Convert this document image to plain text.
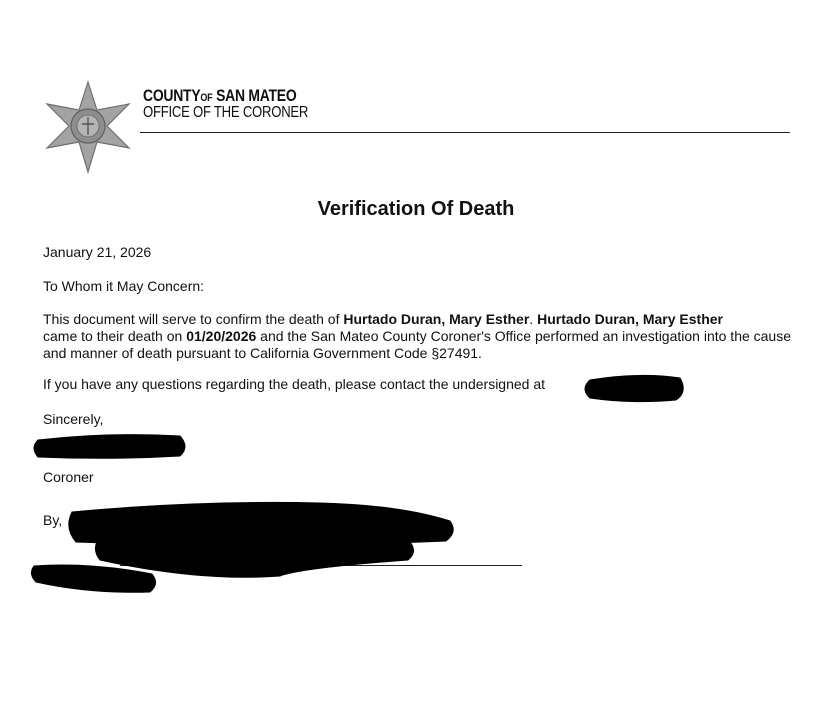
COUNTYOF SAN MATEO
OFFICE OF THE CORONER
Verification Of Death
January 21, 2026
To Whom it May Concern:
This document will serve to confirm the death of Hurtado Duran, Mary Esther. Hurtado Duran, Mary Esther
came to their death on 01/20/2026 and the San Mateo County Coroner's Office performed an investigation into the cause and manner of death pursuant to California Government Code §27491.
If you have any questions regarding the death, please contact the undersigned at
Sincerely,
Coroner
By,
